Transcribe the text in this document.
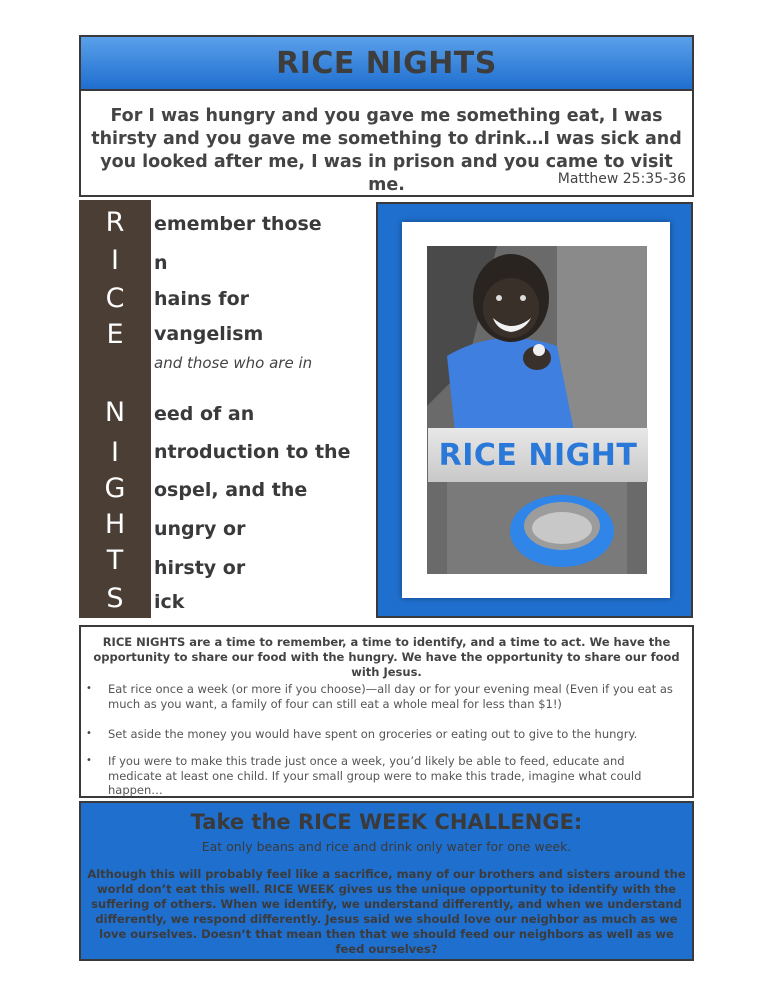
RICE NIGHTS
For I was hungry and you gave me something eat, I was thirsty and you gave me something to drink…I was sick and you looked after me, I was in prison and you came to visit me.	Matthew 25:35-36
R
I
C
E
N
I
G
H
T
S
emember those
n
hains for
vangelism
and those who are in
eed of an
ntroduction to the
ospel, and the
ungry or
hirsty or
ick
RICE NIGHT
RICE NIGHTS are a time to remember, a time to identify, and a time to act. We have the opportunity to share our food with the hungry. We have the opportunity to share our food with Jesus.
• Eat rice once a week (or more if you choose)—all day or for your evening meal (Even if you eat as much as you want, a family of four can still eat a whole meal for less than $1!)
• Set aside the money you would have spent on groceries or eating out to give to the hungry.
• If you were to make this trade just once a week, you’d likely be able to feed, educate and medicate at least one child. If your small group were to make this trade, imagine what could happen…
Take the RICE WEEK CHALLENGE:
Eat only beans and rice and drink only water for one week.
Although this will probably feel like a sacrifice, many of our brothers and sisters around the world don’t eat this well. RICE WEEK gives us the unique opportunity to identify with the suffering of others. When we identify, we understand differently, and when we understand differently, we respond differently. Jesus said we should love our neighbor as much as we love ourselves. Doesn’t that mean then that we should feed our neighbors as well as we feed ourselves?
